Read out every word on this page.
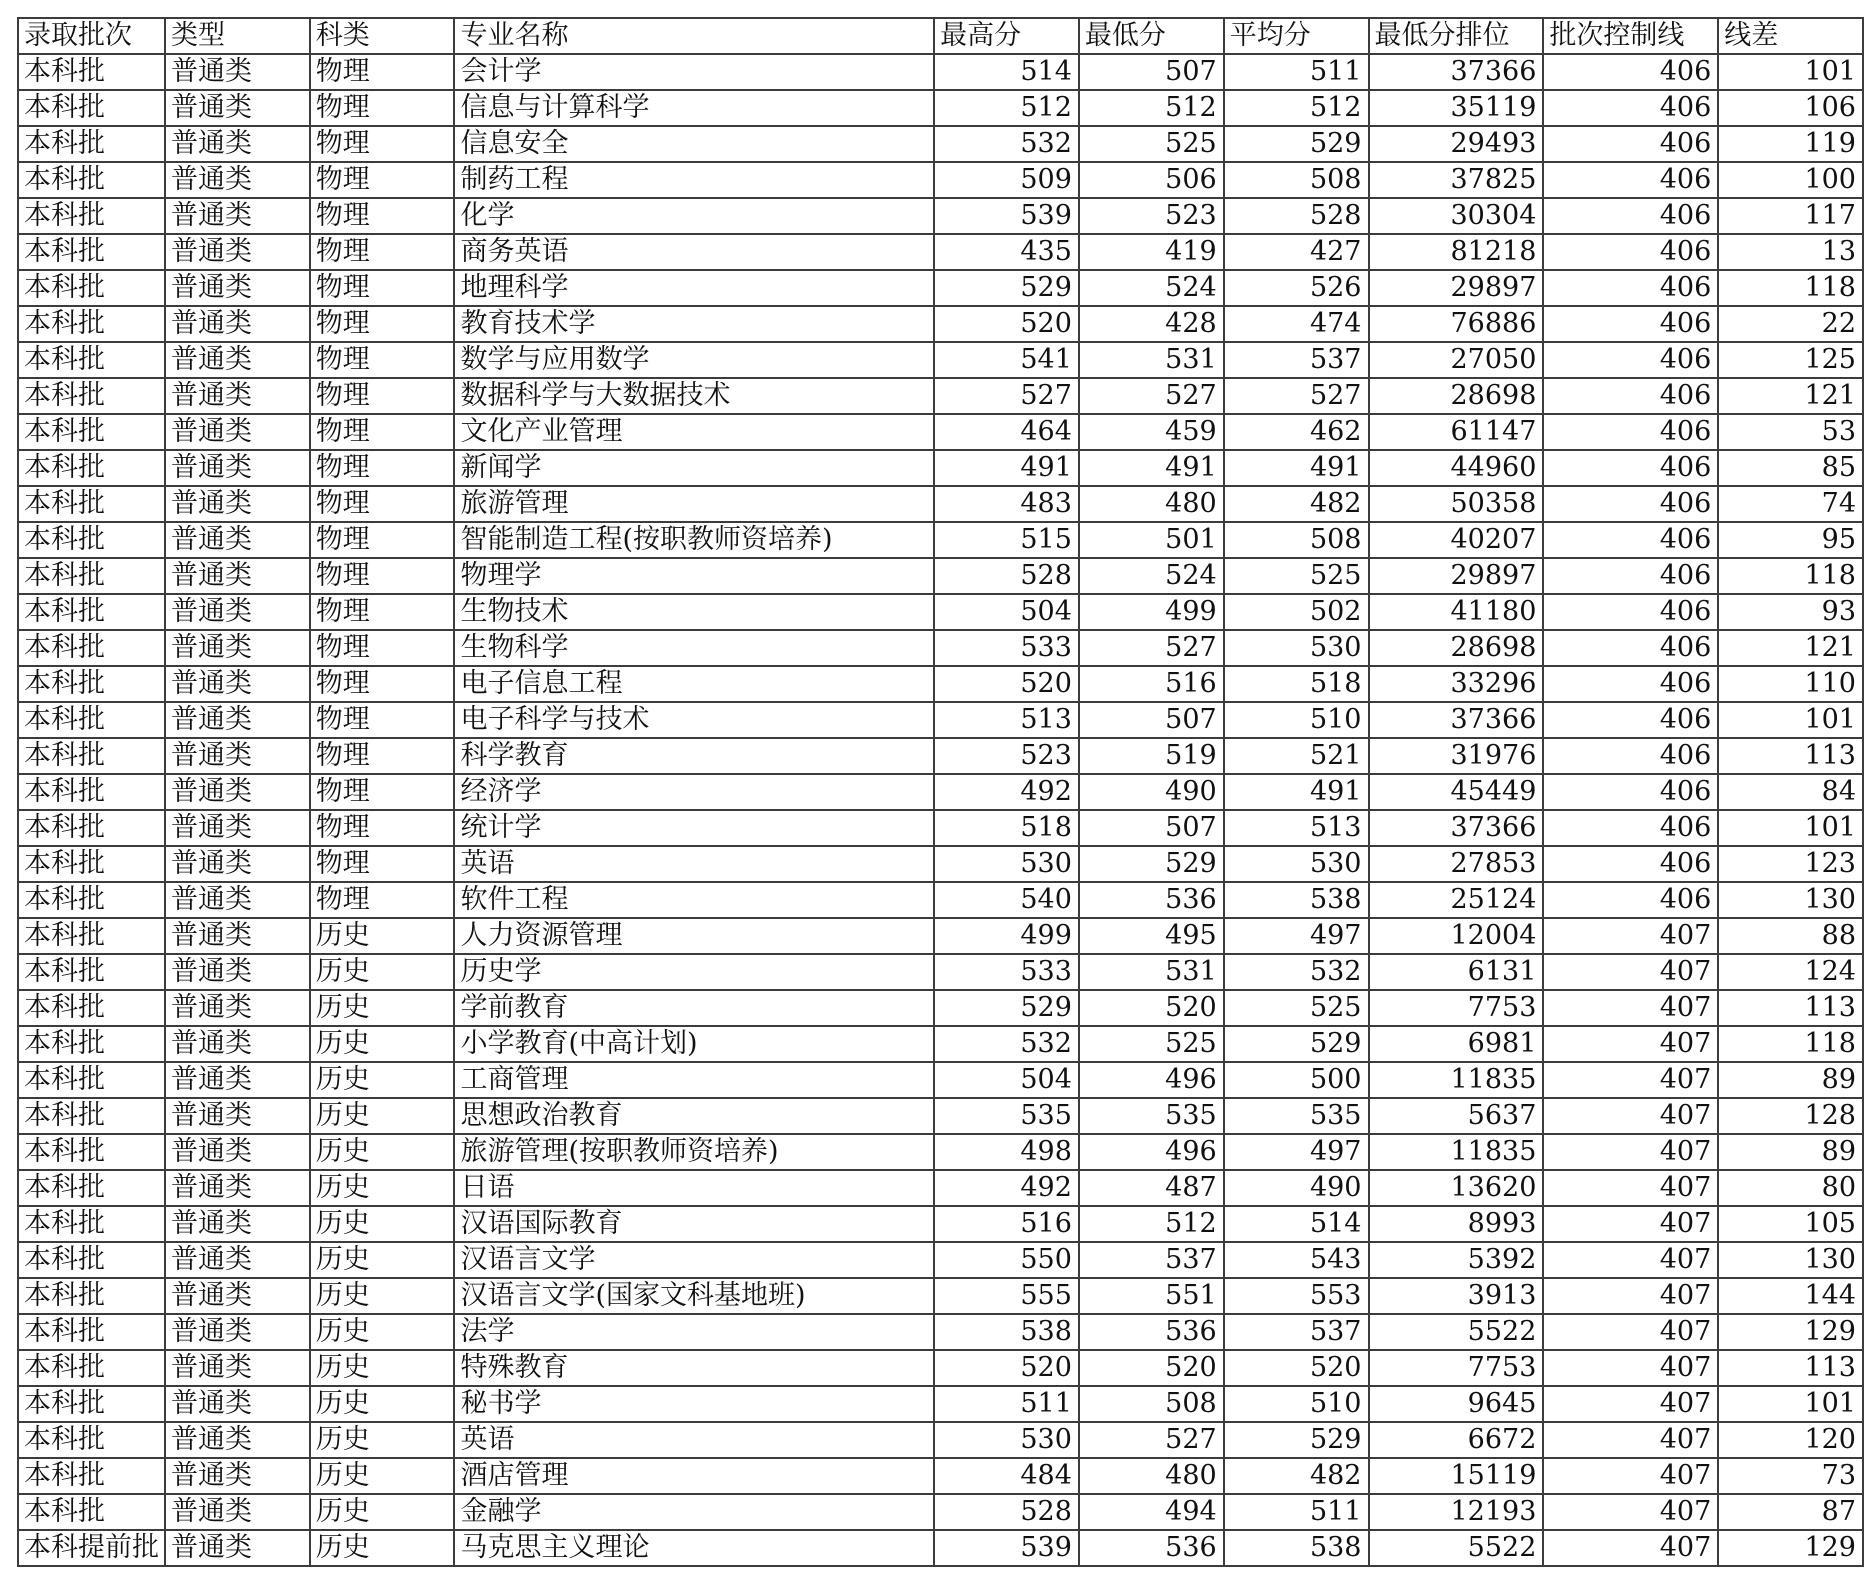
录取批次	类型	科类	专业名称	最高分	最低分	平均分	最低分排位	批次控制线	线差
本科批	普通类	物理	会计学	514	507	511	37366	406	101
本科批	普通类	物理	信息与计算科学	512	512	512	35119	406	106
本科批	普通类	物理	信息安全	532	525	529	29493	406	119
本科批	普通类	物理	制药工程	509	506	508	37825	406	100
本科批	普通类	物理	化学	539	523	528	30304	406	117
本科批	普通类	物理	商务英语	435	419	427	81218	406	13
本科批	普通类	物理	地理科学	529	524	526	29897	406	118
本科批	普通类	物理	教育技术学	520	428	474	76886	406	22
本科批	普通类	物理	数学与应用数学	541	531	537	27050	406	125
本科批	普通类	物理	数据科学与大数据技术	527	527	527	28698	406	121
本科批	普通类	物理	文化产业管理	464	459	462	61147	406	53
本科批	普通类	物理	新闻学	491	491	491	44960	406	85
本科批	普通类	物理	旅游管理	483	480	482	50358	406	74
本科批	普通类	物理	智能制造工程(按职教师资培养)	515	501	508	40207	406	95
本科批	普通类	物理	物理学	528	524	525	29897	406	118
本科批	普通类	物理	生物技术	504	499	502	41180	406	93
本科批	普通类	物理	生物科学	533	527	530	28698	406	121
本科批	普通类	物理	电子信息工程	520	516	518	33296	406	110
本科批	普通类	物理	电子科学与技术	513	507	510	37366	406	101
本科批	普通类	物理	科学教育	523	519	521	31976	406	113
本科批	普通类	物理	经济学	492	490	491	45449	406	84
本科批	普通类	物理	统计学	518	507	513	37366	406	101
本科批	普通类	物理	英语	530	529	530	27853	406	123
本科批	普通类	物理	软件工程	540	536	538	25124	406	130
本科批	普通类	历史	人力资源管理	499	495	497	12004	407	88
本科批	普通类	历史	历史学	533	531	532	6131	407	124
本科批	普通类	历史	学前教育	529	520	525	7753	407	113
本科批	普通类	历史	小学教育(中高计划)	532	525	529	6981	407	118
本科批	普通类	历史	工商管理	504	496	500	11835	407	89
本科批	普通类	历史	思想政治教育	535	535	535	5637	407	128
本科批	普通类	历史	旅游管理(按职教师资培养)	498	496	497	11835	407	89
本科批	普通类	历史	日语	492	487	490	13620	407	80
本科批	普通类	历史	汉语国际教育	516	512	514	8993	407	105
本科批	普通类	历史	汉语言文学	550	537	543	5392	407	130
本科批	普通类	历史	汉语言文学(国家文科基地班)	555	551	553	3913	407	144
本科批	普通类	历史	法学	538	536	537	5522	407	129
本科批	普通类	历史	特殊教育	520	520	520	7753	407	113
本科批	普通类	历史	秘书学	511	508	510	9645	407	101
本科批	普通类	历史	英语	530	527	529	6672	407	120
本科批	普通类	历史	酒店管理	484	480	482	15119	407	73
本科批	普通类	历史	金融学	528	494	511	12193	407	87
本科提前批	普通类	历史	马克思主义理论	539	536	538	5522	407	129
